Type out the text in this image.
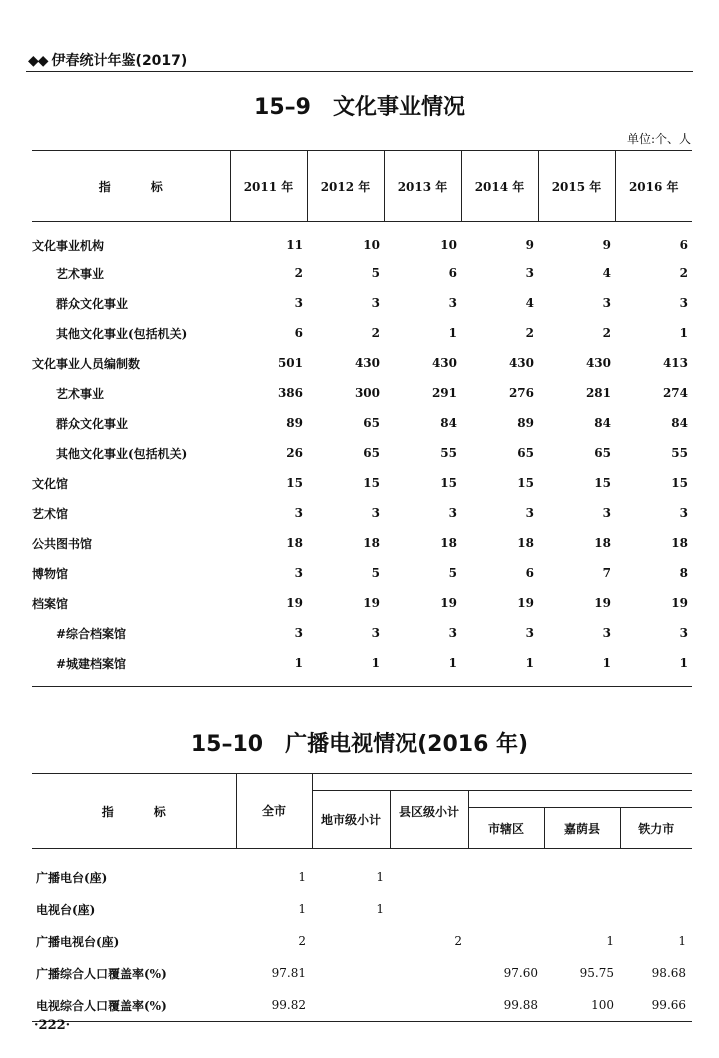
◆◆ 伊春统计年鉴(2017)
15–9 文化事业情况
单位:个、人
指标	2011 年	2012 年	2013 年	2014 年	2015 年	2016 年
文化事业机构	11	10	10	9	9	6
艺术事业	2	5	6	3	4	2
群众文化事业	3	3	3	4	3	3
其他文化事业(包括机关)	6	2	1	2	2	1
文化事业人员编制数	501	430	430	430	430	413
艺术事业	386	300	291	276	281	274
群众文化事业	89	65	84	89	84	84
其他文化事业(包括机关)	26	65	55	65	65	55
文化馆	15	15	15	15	15	15
艺术馆	3	3	3	3	3	3
公共图书馆	18	18	18	18	18	18
博物馆	3	5	5	6	7	8
档案馆	19	19	19	19	19	19
#综合档案馆	3	3	3	3	3	3
#城建档案馆	1	1	1	1	1	1
15–10 广播电视情况(2016 年)
指标	全市					
		地市级小计	县区级小计			
				市辖区	嘉荫县	铁力市
广播电台(座)	1	1				
电视台(座)	1	1				
广播电视台(座)	2		2		1	1
广播综合人口覆盖率(%)	97.81			97.60	95.75	98.68
电视综合人口覆盖率(%)	99.82			99.88	100	99.66
·222·
